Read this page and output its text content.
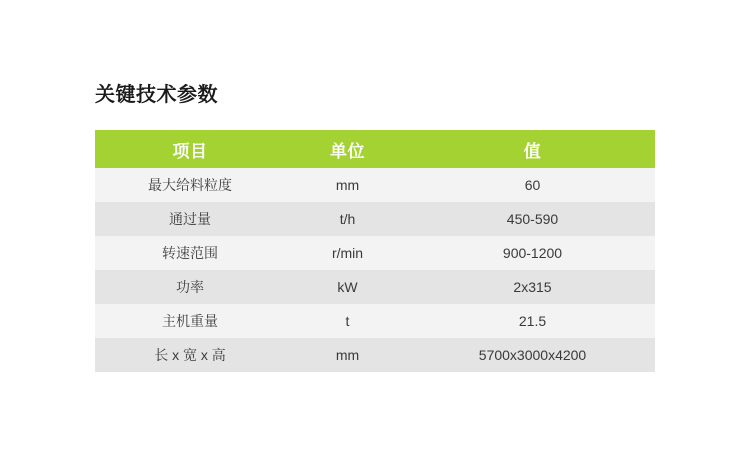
关键技术参数
项目	单位	值
最大给料粒度	mm	60
通过量	t/h	450-590
转速范围	r/min	900-1200
功率	kW	2x315
主机重量	t	21.5
长 x 宽 x 高	mm	5700x3000x4200
